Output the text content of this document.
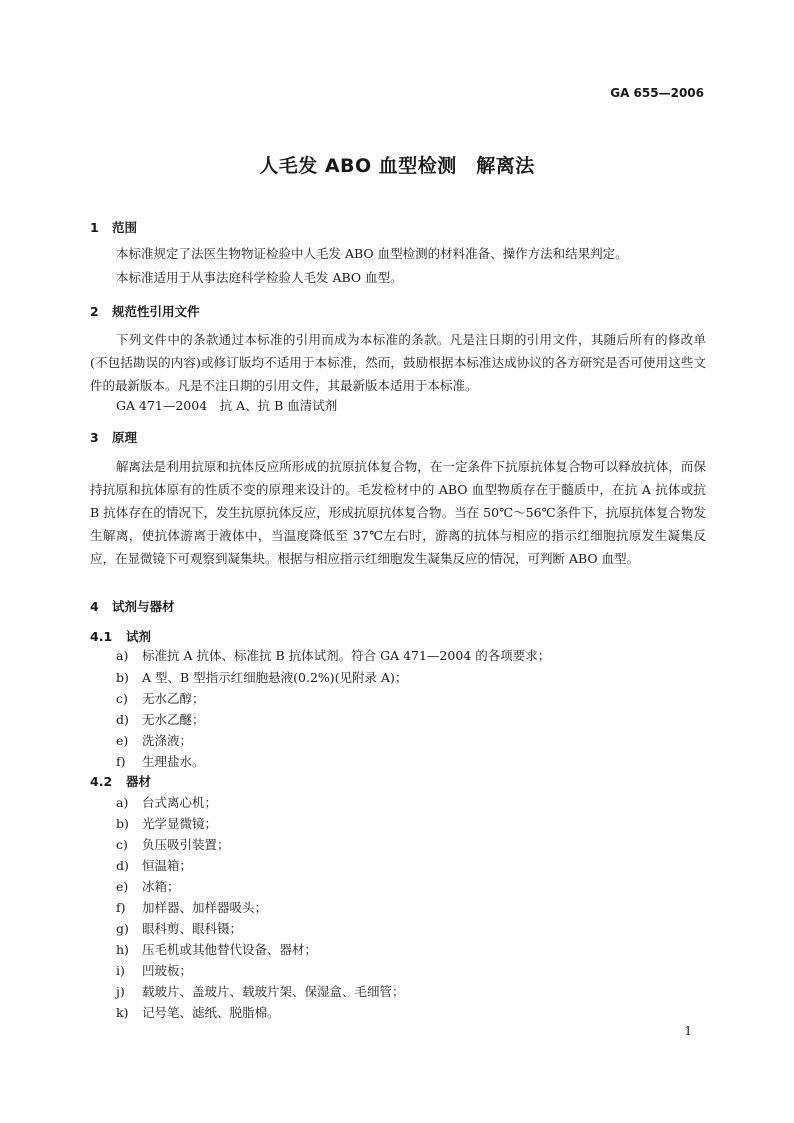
GA 655—2006
人毛发 ABO 血型检测　解离法
1 范围
本标准规定了法医生物物证检验中人毛发 ABO 血型检测的材料准备、操作方法和结果判定。
本标准适用于从事法庭科学检验人毛发 ABO 血型。
2 规范性引用文件
下列文件中的条款通过本标准的引用而成为本标准的条款。凡是注日期的引用文件，其随后所有的修改单(不包括勘误的内容)或修订版均不适用于本标准，然而，鼓励根据本标准达成协议的各方研究是否可使用这些文件的最新版本。凡是不注日期的引用文件，其最新版本适用于本标准。
GA 471—2004　抗 A、抗 B 血清试剂
3 原理
解离法是利用抗原和抗体反应所形成的抗原抗体复合物，在一定条件下抗原抗体复合物可以释放抗体，而保持抗原和抗体原有的性质不变的原理来设计的。毛发检材中的 ABO 血型物质存在于髓质中，在抗 A 抗体或抗 B 抗体存在的情况下，发生抗原抗体反应，形成抗原抗体复合物。当在 50℃～56℃条件下，抗原抗体复合物发生解离，使抗体游离于液体中，当温度降低至 37℃左右时，游离的抗体与相应的指示红细胞抗原发生凝集反应，在显微镜下可观察到凝集块。根据与相应指示红细胞发生凝集反应的情况，可判断 ABO 血型。
4 试剂与器材
4.1 试剂
a) 标准抗 A 抗体、标准抗 B 抗体试剂。符合 GA 471—2004 的各项要求；
b) A 型、B 型指示红细胞悬液(0.2%)(见附录 A)；
c) 无水乙醇；
d) 无水乙醚；
e) 洗涤液；
f) 生理盐水。
4.2 器材
a) 台式离心机；
b) 光学显微镜；
c) 负压吸引装置；
d) 恒温箱；
e) 冰箱；
f) 加样器、加样器吸头；
g) 眼科剪、眼科镊；
h) 压毛机或其他替代设备、器材；
i) 凹玻板；
j) 载玻片、盖玻片、载玻片架、保湿盒、毛细管；
k) 记号笔、滤纸、脱脂棉。
1
